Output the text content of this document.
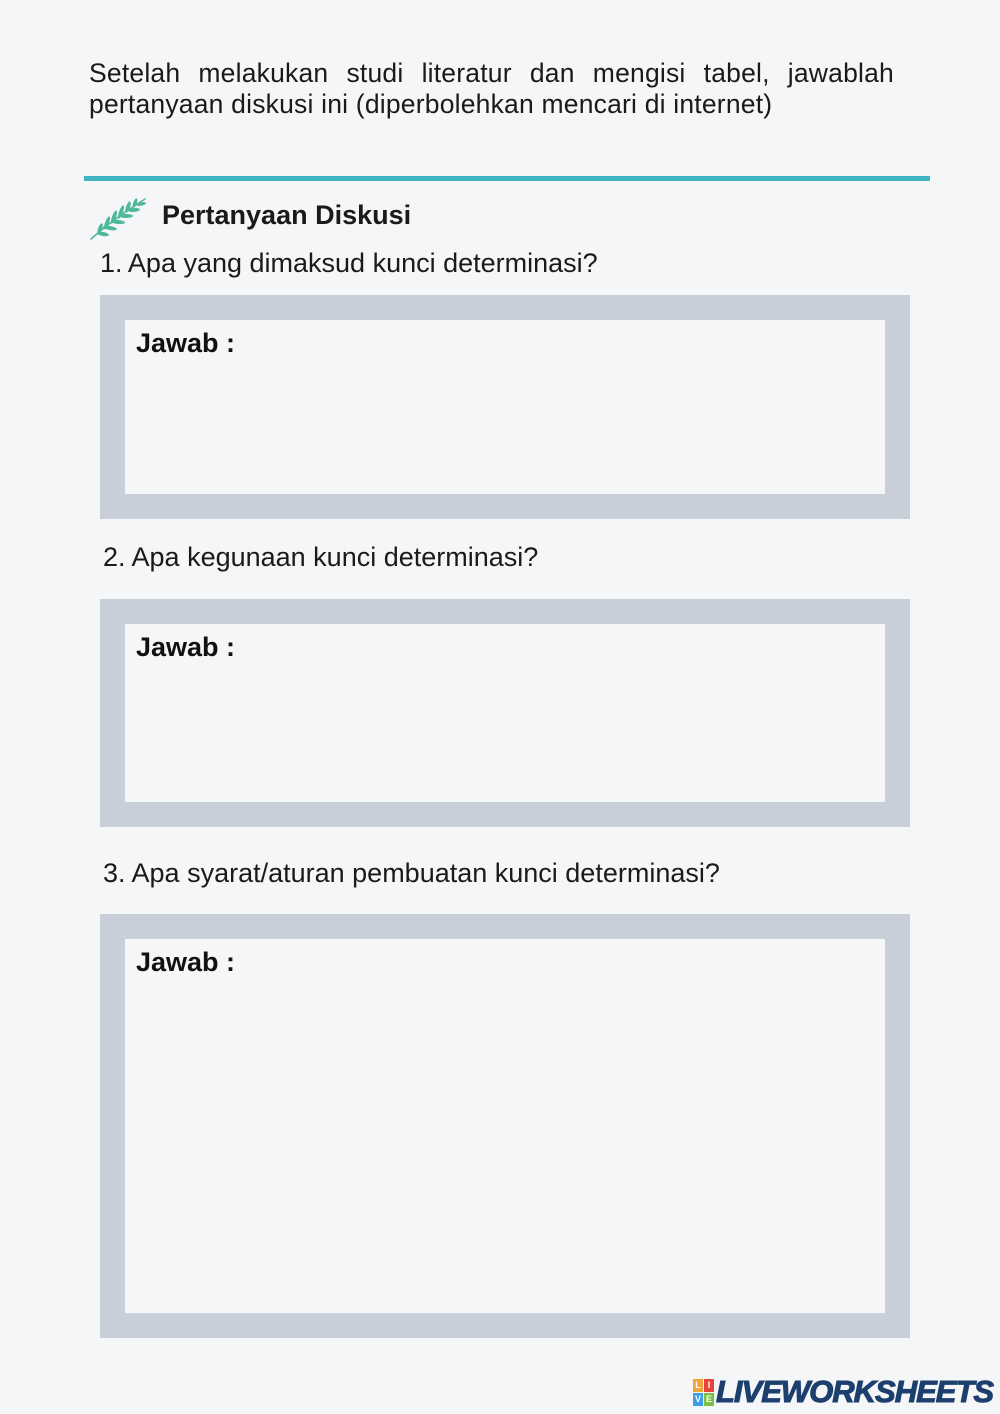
Setelah melakukan studi literatur dan mengisi tabel, jawablah pertanyaan diskusi ini (diperbolehkan mencari di internet)

Pertanyaan Diskusi

1. Apa yang dimaksud kunci determinasi?

Jawab :

2. Apa kegunaan kunci determinasi?

Jawab :

3. Apa syarat/aturan pembuatan kunci determinasi?

Jawab :
L I
V E LIVEWORKSHEETS
